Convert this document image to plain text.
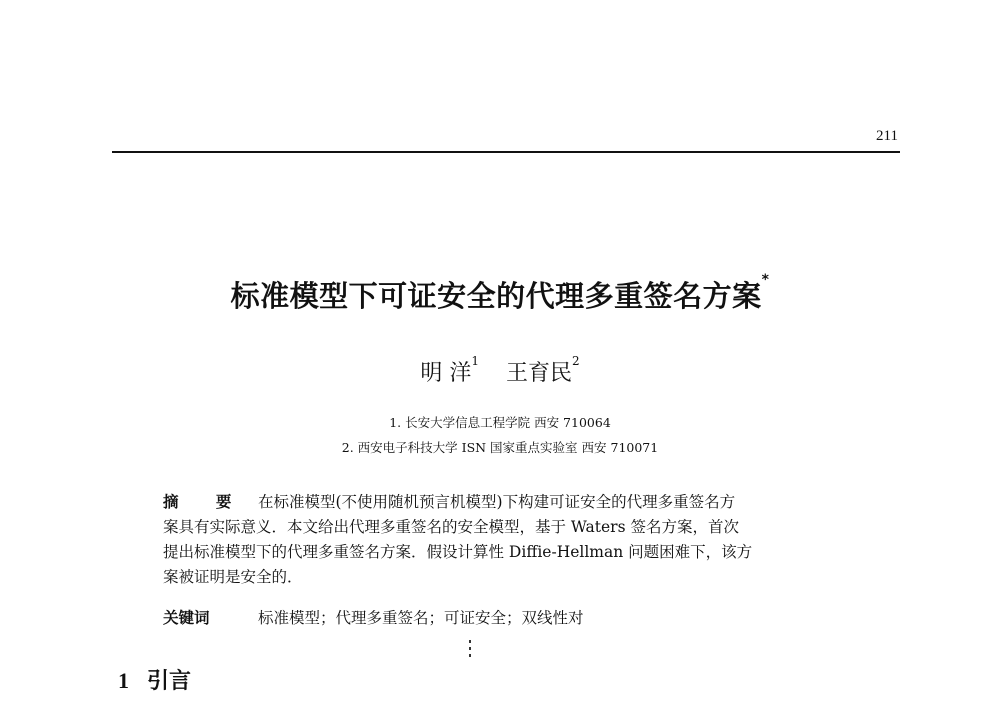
211
标准模型下可证安全的代理多重签名方案*
明 洋$^1$ 王育民$^2$
1. 长安大学信息工程学院 西安 710064
2. 西安电子科技大学 ISN 国家重点实验室 西安 710071
摘 要 在标准模型(不使用随机预言机模型)下构建可证安全的代理多重签名方
案具有实际意义．本文给出代理多重签名的安全模型，基于 Waters 签名方案，首次
提出标准模型下的代理多重签名方案．假设计算性 Diffie-Hellman 问题困难下，该方
案被证明是安全的．
关键词	标准模型；代理多重签名；可证安全；双线性对
1 引言
